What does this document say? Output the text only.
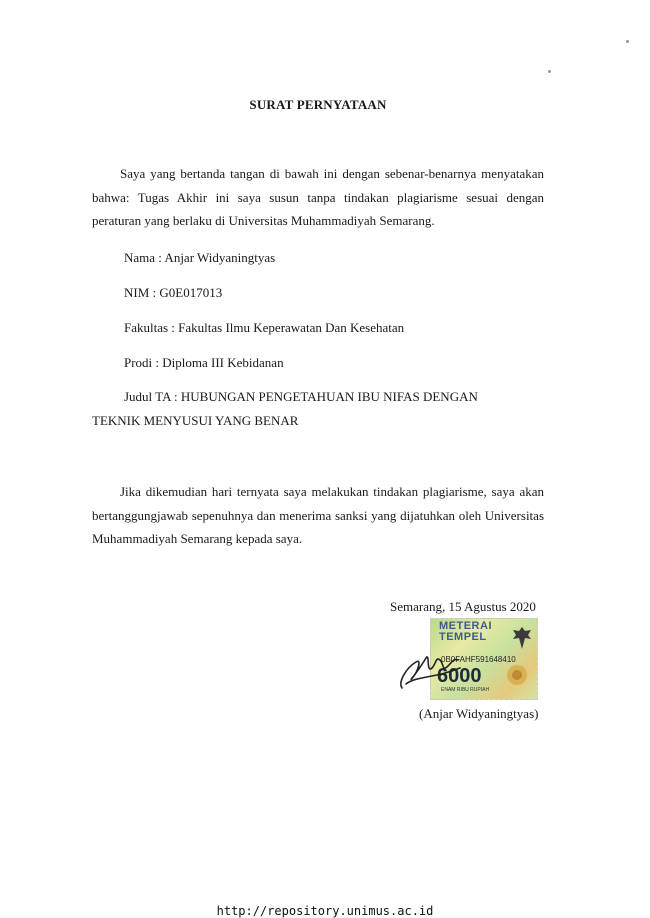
SURAT PERNYATAAN
Saya yang bertanda tangan di bawah ini dengan sebenar-benarnya menyatakan bahwa: Tugas Akhir ini saya susun tanpa tindakan plagiarisme sesuai dengan peraturan yang berlaku di Universitas Muhammadiyah Semarang.
Nama : Anjar Widyaningtyas
NIM : G0E017013
Fakultas : Fakultas Ilmu Keperawatan Dan Kesehatan
Prodi : Diploma III Kebidanan
Judul TA : HUBUNGAN PENGETAHUAN IBU NIFAS DENGAN
TEKNIK MENYUSUI YANG BENAR
Jika dikemudian hari ternyata saya melakukan tindakan plagiarisme, saya akan bertanggungjawab sepenuhnya dan menerima sanksi yang dijatuhkan oleh Universitas Muhammadiyah Semarang kepada saya.
Semarang, 15 Agustus 2020
METERAI TEMPEL
0B0FAHF591648410
6000
ENAM RIBU RUPIAH
(Anjar Widyaningtyas)
http://repository.unimus.ac.id
